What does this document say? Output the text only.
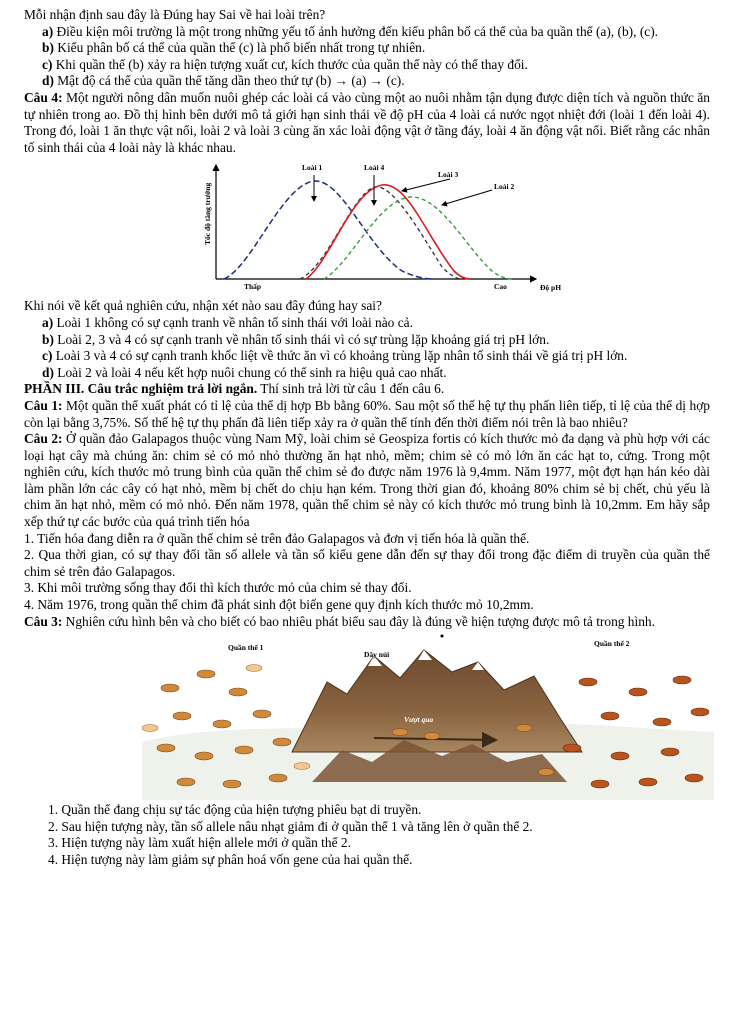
Mỗi nhận định sau đây là Đúng hay Sai về hai loài trên?

a) Điều kiện môi trường là một trong những yếu tố ảnh hưởng đến kiểu phân bố cá thể của ba quần thể (a), (b), (c).

b) Kiểu phân bố cá thể của quần thể (c) là phổ biến nhất trong tự nhiên.

c) Khi quần thể (b) xảy ra hiện tượng xuất cư, kích thước của quần thể này có thể thay đổi.

d) Mật độ cá thể của quần thể tăng dần theo thứ tự (b) → (a) → (c).

Câu 4: Một người nông dân muốn nuôi ghép các loài cá vào cùng một ao nuôi nhằm tận dụng được diện tích và nguồn thức ăn tự nhiên trong ao. Đồ thị hình bên dưới mô tả giới hạn sinh thái về độ pH của 4 loài cá nước ngọt nhiệt đới (loài 1 đến loài 4). Trong đó, loài 1 ăn thực vật nổi, loài 2 và loài 3 cùng ăn xác loài động vật ở tầng đáy, loài 4 ăn động vật nổi. Biết rằng các nhân tố sinh thái của 4 loài này là khác nhau.

Tốc độ tăng trưởng
Thấp	Cao	Độ pH
Loài 1	Loài 4
Loài 3
Loài 2

Khi nói về kết quả nghiên cứu, nhận xét nào sau đây đúng hay sai?

a) Loài 1 không có sự cạnh tranh về nhân tố sinh thái với loài nào cả.

b) Loài 2, 3 và 4 có sự cạnh tranh về nhân tố sinh thái vì có sự trùng lặp khoảng giá trị pH lớn.

c) Loài 3 và 4 có sự cạnh tranh khốc liệt về thức ăn vì có khoảng trùng lặp nhân tố sinh thái về giá trị pH lớn.

d) Loài 2 và loài 4 nếu kết hợp nuôi chung có thể sinh ra hiệu quả cao nhất.

PHẦN III. Câu trắc nghiệm trả lời ngắn. Thí sinh trả lời từ câu 1 đến câu 6.

Câu 1: Một quần thể xuất phát có tỉ lệ của thể dị hợp Bb bằng 60%. Sau một số thế hệ tự thụ phấn liên tiếp, tỉ lệ của thể dị hợp còn lại bằng 3,75%. Số thế hệ tự thụ phấn đã liên tiếp xảy ra ở quần thể tính đến thời điểm nói trên là bao nhiêu?

Câu 2: Ở quần đảo Galapagos thuộc vùng Nam Mỹ, loài chim sẻ Geospiza fortis có kích thước mỏ đa dạng và phù hợp với các loại hạt cây mà chúng ăn: chim sẻ có mỏ nhỏ thường ăn hạt nhỏ, mềm; chim sẻ có mỏ lớn ăn các hạt to, cứng. Trong một nghiên cứu, kích thước mỏ trung bình của quần thể chim sẻ đo được năm 1976 là 9,4mm. Năm 1977, một đợt hạn hán kéo dài làm phần lớn các cây có hạt nhỏ, mềm bị chết do chịu hạn kém. Trong thời gian đó, khoảng 80% chim sẻ bị chết, chủ yếu là chim ăn hạt nhỏ, mềm có mỏ nhỏ. Đến năm 1978, quần thể chim sẻ này có kích thước mỏ trung bình là 10,2mm. Em hãy sắp xếp thứ tự các bước của quá trình tiến hóa

1. Tiến hóa đang diễn ra ở quần thể chim sẻ trên đảo Galapagos và đơn vị tiến hóa là quần thể.

2. Qua thời gian, có sự thay đổi tần số allele và tần số kiểu gene dẫn đến sự thay đổi trong đặc điểm di truyền của quần thể chim sẻ trên đảo Galapagos.

3. Khi môi trường sống thay đổi thì kích thước mỏ của chim sẻ thay đổi.

4. Năm 1976, trong quần thể chim đã phát sinh đột biến gene quy định kích thước mỏ 10,2mm.

Câu 3: Nghiên cứu hình bên và cho biết có bao nhiêu phát biểu sau đây là đúng về hiện tượng được mô tả trong hình.

Quần thể 1	Quần thể 2
Dãy núi
Vượt qua

1. Quần thể đang chịu sự tác động của hiện tượng phiêu bạt di truyền.

2. Sau hiện tượng này, tần số allele nâu nhạt giảm đi ở quần thể 1 và tăng lên ở quần thể 2.

3. Hiện tượng này làm xuất hiện allele mới ở quần thể 2.

4. Hiện tượng này làm giảm sự phân hoá vốn gene của hai quần thể.
